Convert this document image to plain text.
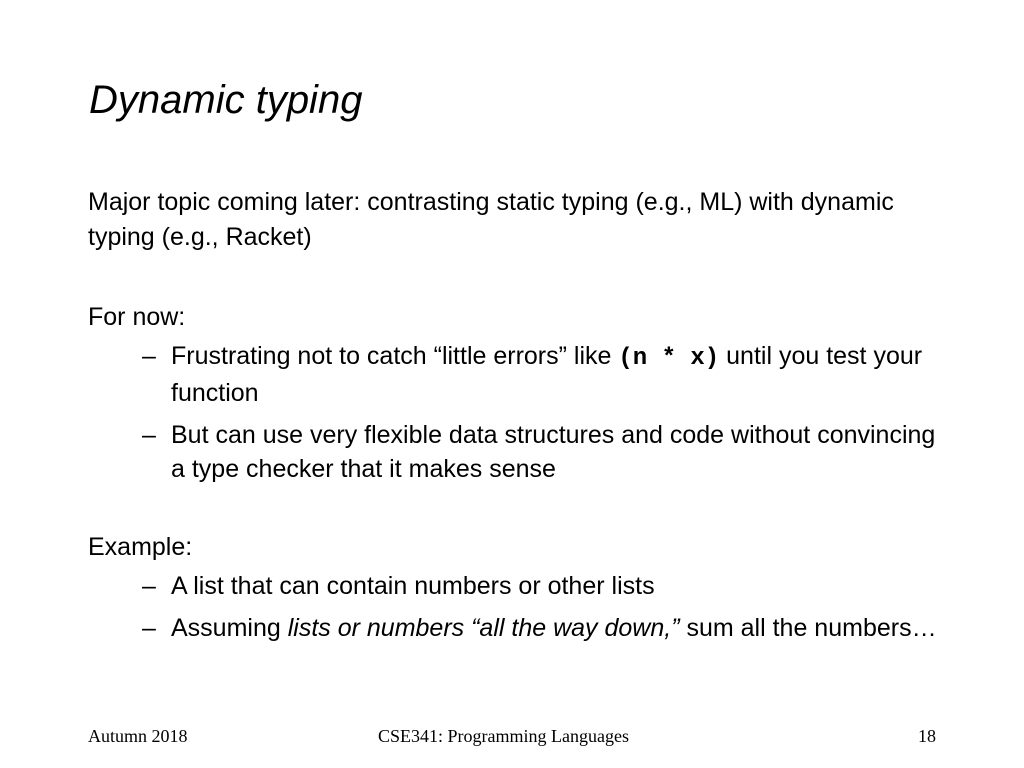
Dynamic typing

Major topic coming later: contrasting static typing (e.g., ML) with dynamic typing (e.g., Racket)

For now:

– Frustrating not to catch “little errors” like (n * x) until you test your function
– But can use very flexible data structures and code without convincing a type checker that it makes sense

Example:

– A list that can contain numbers or other lists
– Assuming lists or numbers “all the way down,” sum all the numbers…
Autumn 2018	CSE341: Programming Languages	18
